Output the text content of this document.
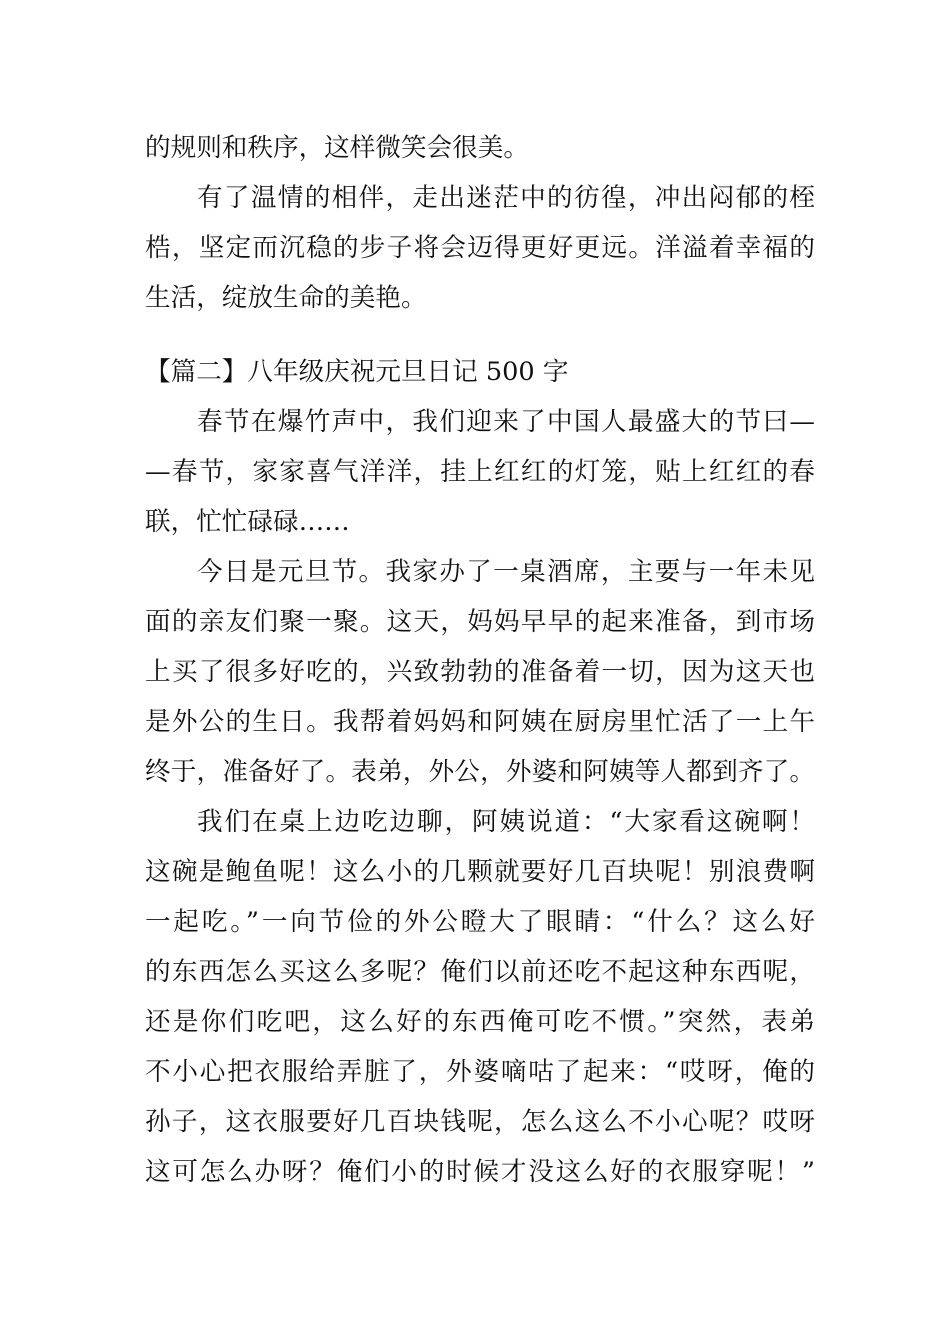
的规则和秩序，这样微笑会很美。
有了温情的相伴，走出迷茫中的彷徨，冲出闷郁的桎
梏，坚定而沉稳的步子将会迈得更好更远。洋溢着幸福的
生活，绽放生命的美艳。
【篇二】八年级庆祝元旦日记 500 字
春节在爆竹声中，我们迎来了中国人最盛大的节曰—
—春节，家家喜气洋洋，挂上红红的灯笼，贴上红红的春
联，忙忙碌碌……
今日是元旦节。我家办了一桌酒席，主要与一年未见
面的亲友们聚一聚。这天，妈妈早早的起来准备，到市场
上买了很多好吃的，兴致勃勃的准备着一切，因为这天也
是外公的生日。我帮着妈妈和阿姨在厨房里忙活了一上午
终于，准备好了。表弟，外公，外婆和阿姨等人都到齐了。
我们在桌上边吃边聊，阿姨说道：“大家看这碗啊！
这碗是鲍鱼呢！这么小的几颗就要好几百块呢！别浪费啊
一起吃。”一向节俭的外公瞪大了眼睛：“什么？这么好
的东西怎么买这么多呢？俺们以前还吃不起这种东西呢，
还是你们吃吧，这么好的东西俺可吃不惯。”突然，表弟
不小心把衣服给弄脏了，外婆嘀咕了起来：“哎呀，俺的
孙子，这衣服要好几百块钱呢，怎么这么不小心呢？哎呀
这可怎么办呀？俺们小的时候才没这么好的衣服穿呢！”
